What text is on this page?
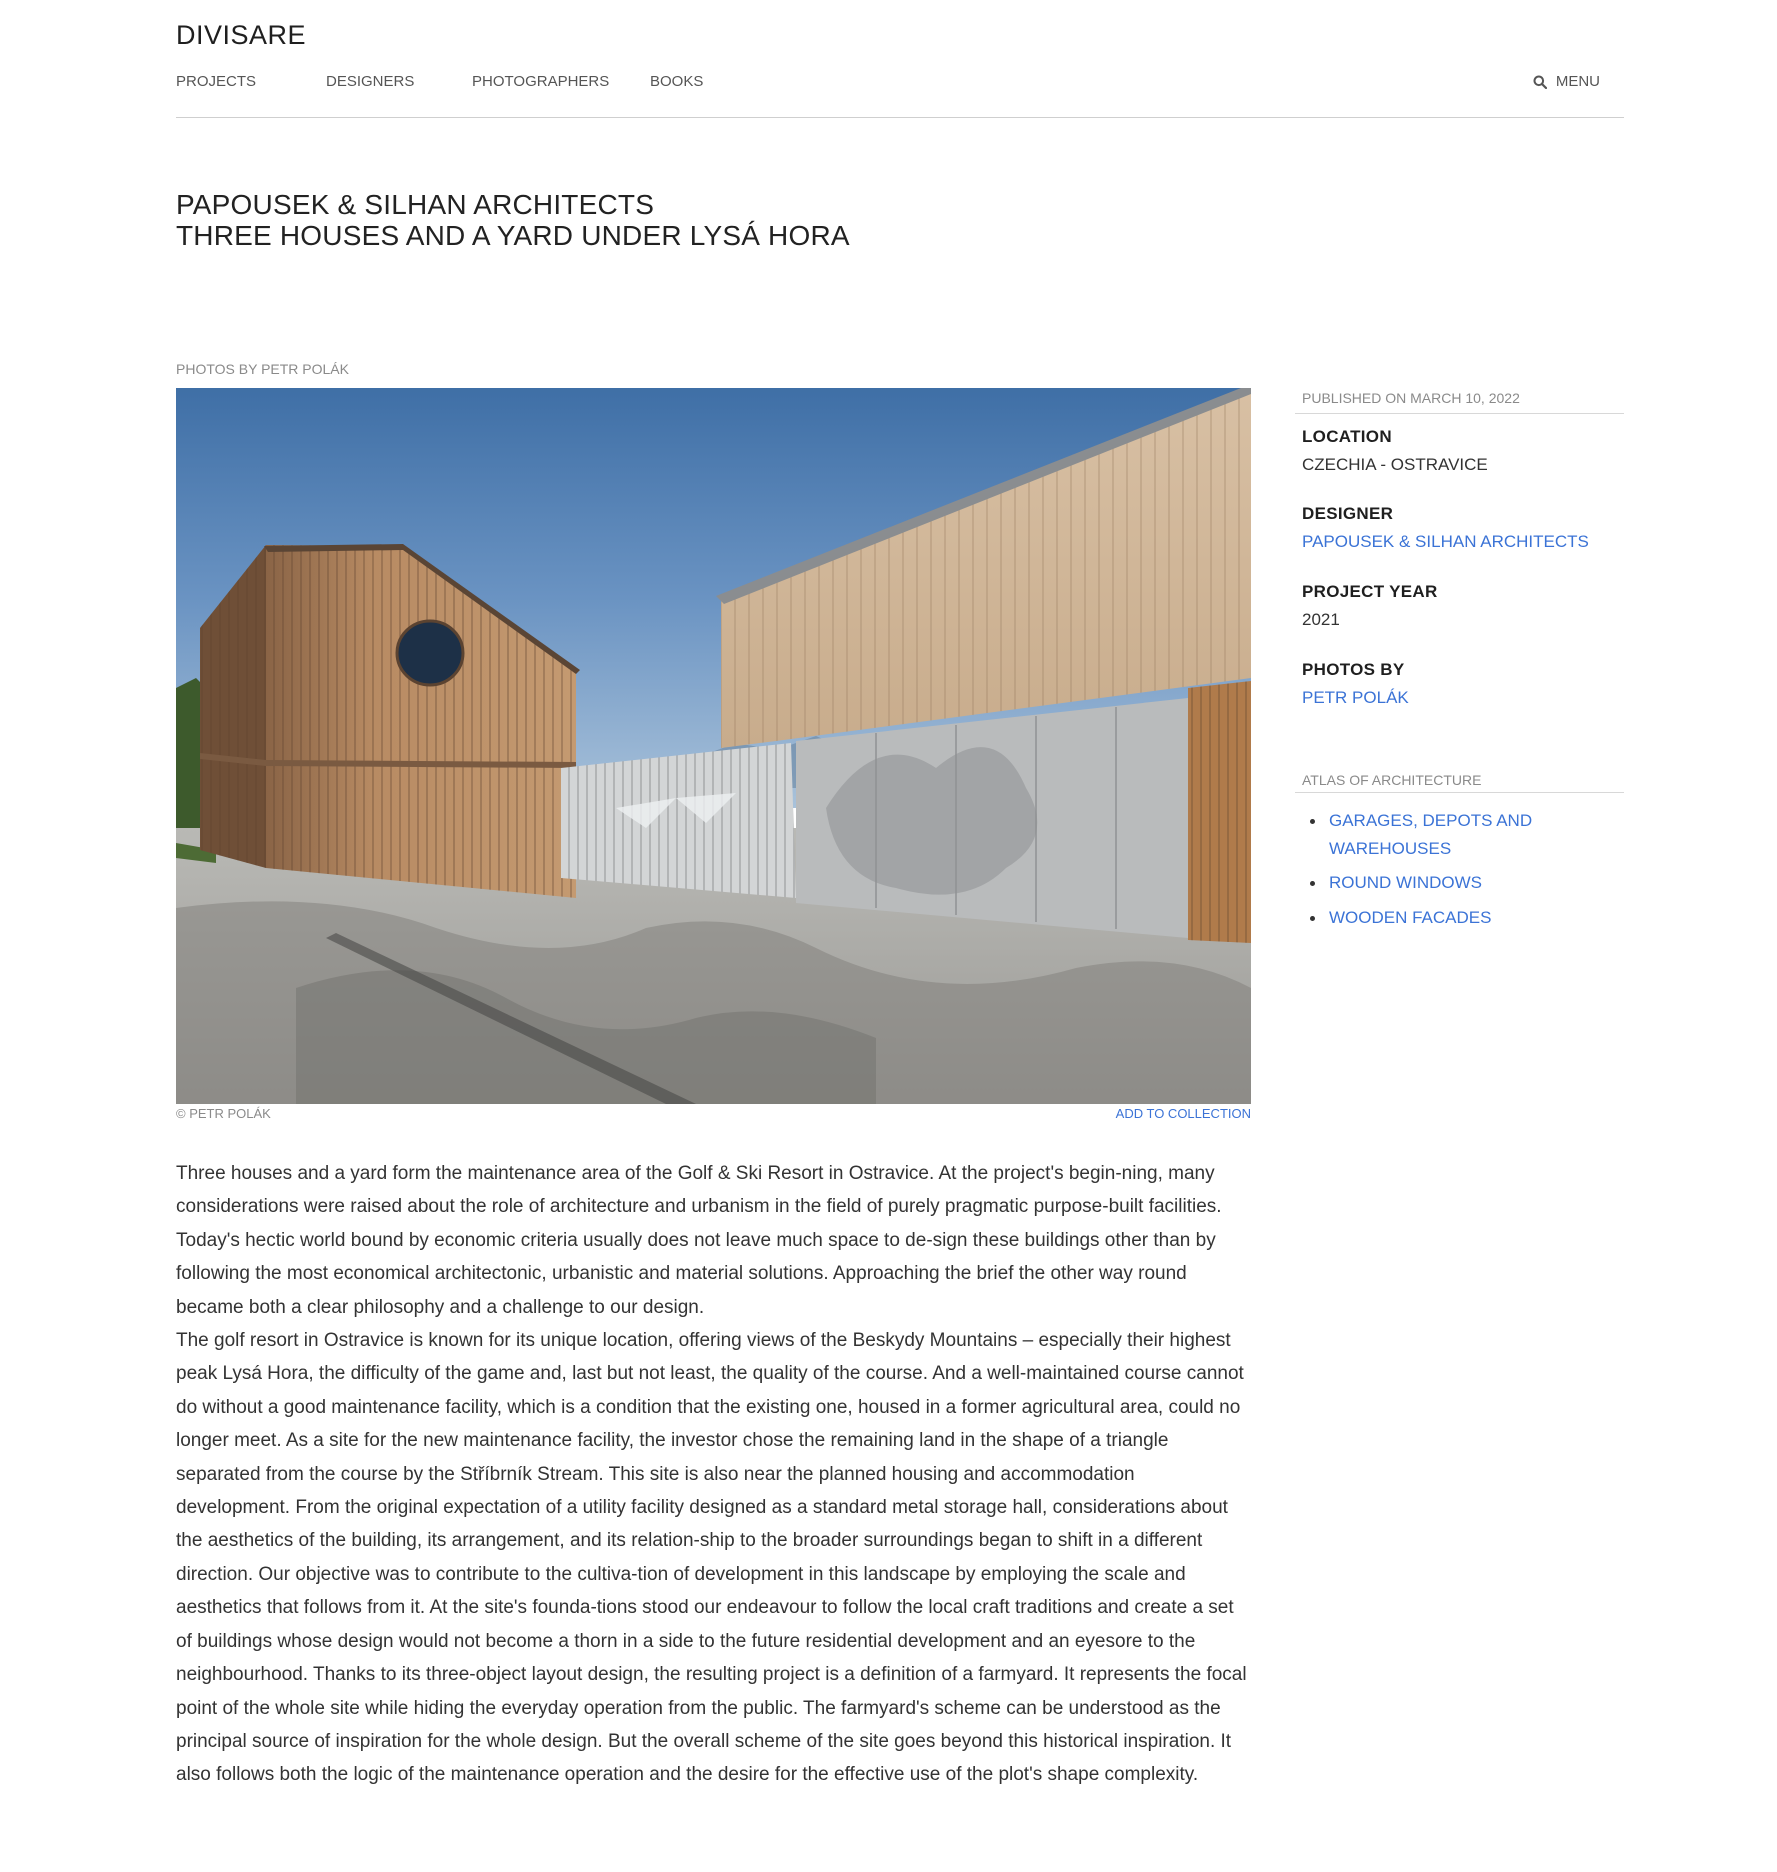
DIVISARE
PROJECTS	DESIGNERS	PHOTOGRAPHERS	BOOKS	MENU
PAPOUSEK & SILHAN ARCHITECTS
THREE HOUSES AND A YARD UNDER LYSÁ HORA
PHOTOS BY PETR POLÁK
© PETR POLÁK	ADD TO COLLECTION

Three houses and a yard form the maintenance area of the Golf & Ski Resort in Ostravice. At the project's begin-ning, many considerations were raised about the role of architecture and urbanism in the field of purely pragmatic purpose-built facilities. Today's hectic world bound by economic criteria usually does not leave much space to de-sign these buildings other than by following the most economical architectonic, urbanistic and material solutions. Approaching the brief the other way round became both a clear philosophy and a challenge to our design.

The golf resort in Ostravice is known for its unique location, offering views of the Beskydy Mountains – especially their highest peak Lysá Hora, the difficulty of the game and, last but not least, the quality of the course. And a well-maintained course cannot do without a good maintenance facility, which is a condition that the existing one, housed in a former agricultural area, could no longer meet. As a site for the new maintenance facility, the investor chose the remaining land in the shape of a triangle separated from the course by the Stříbrník Stream. This site is also near the planned housing and accommodation development. From the original expectation of a utility facility designed as a standard metal storage hall, considerations about the aesthetics of the building, its arrangement, and its relation-ship to the broader surroundings began to shift in a different direction. Our objective was to contribute to the cultiva-tion of development in this landscape by employing the scale and aesthetics that follows from it. At the site's founda-tions stood our endeavour to follow the local craft traditions and create a set of buildings whose design would not become a thorn in a side to the future residential development and an eyesore to the neighbourhood. Thanks to its three-object layout design, the resulting project is a definition of a farmyard. It represents the focal point of the whole site while hiding the everyday operation from the public. The farmyard's scheme can be understood as the principal source of inspiration for the whole design. But the overall scheme of the site goes beyond this historical inspiration. It also follows both the logic of the maintenance operation and the desire for the effective use of the plot's shape complexity.

PUBLISHED ON MARCH 10, 2022
LOCATION
CZECHIA - OSTRAVICE
DESIGNER
PAPOUSEK & SILHAN ARCHITECTS
PROJECT YEAR
2021
PHOTOS BY
PETR POLÁK
ATLAS OF ARCHITECTURE
GARAGES, DEPOTS AND
WAREHOUSES
ROUND WINDOWS
WOODEN FACADES
